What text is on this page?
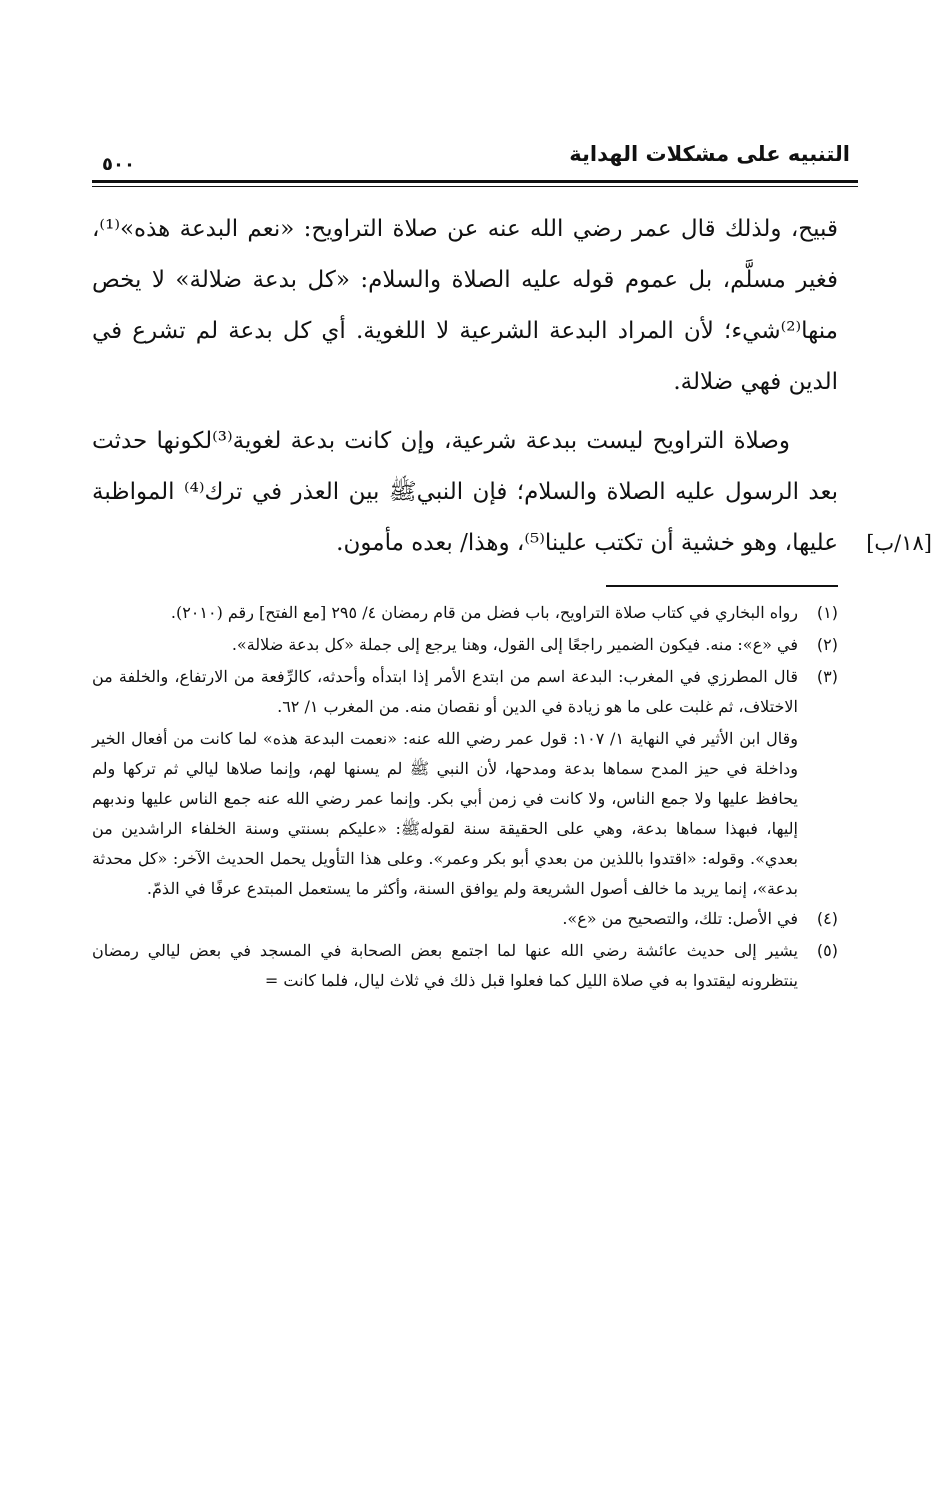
التنبيه على مشكلات الهداية
٥٠٠

قبيح، ولذلك قال عمر رضي الله عنه عن صلاة التراويح: «نعم البدعة هذه»⁽¹⁾، فغير مسلَّم، بل عموم قوله عليه الصلاة والسلام: «كل بدعة ضلالة» لا يخص منها⁽²⁾شيء؛ لأن المراد البدعة الشرعية لا اللغوية. أي كل بدعة لم تشرع في الدين فهي ضلالة.

وصلاة التراويح ليست ببدعة شرعية، وإن كانت بدعة لغوية⁽³⁾لكونها حدثت بعد الرسول عليه الصلاة والسلام؛ فإن النبيﷺ بين العذر في ترك⁽⁴⁾ المواظبة عليها، وهو خشية أن تكتب علينا⁽⁵⁾، وهذا/ بعده مأمون.	[١٨/ب]
(١)
رواه البخاري في كتاب صلاة التراويح، باب فضل من قام رمضان ٤/ ٢٩٥ [مع الفتح] رقم (٢٠١٠).
(٢)
في «ع»: منه. فيكون الضمير راجعًا إلى القول، وهنا يرجع إلى جملة «كل بدعة ضلالة».
(٣)
قال المطرزي في المغرب: البدعة اسم من ابتدع الأمر إذا ابتدأه وأحدثه، كالرِّفعة من الارتفاع، والخلفة من الاختلاف، ثم غلبت على ما هو زيادة في الدين أو نقصان منه. من المغرب ١/ ٦٢.

وقال ابن الأثير في النهاية ١/ ١٠٧: قول عمر رضي الله عنه: «نعمت البدعة هذه» لما كانت من أفعال الخير وداخلة في حيز المدح سماها بدعة ومدحها، لأن النبي ﷺ لم يسنها لهم، وإنما صلاها ليالي ثم تركها ولم يحافظ عليها ولا جمع الناس، ولا كانت في زمن أبي بكر. وإنما عمر رضي الله عنه جمع الناس عليها وندبهم إليها، فبهذا سماها بدعة، وهي على الحقيقة سنة لقولهﷺ: «عليكم بسنتي وسنة الخلفاء الراشدين من بعدي». وقوله: «اقتدوا باللذين من بعدي أبو بكر وعمر». وعلى هذا التأويل يحمل الحديث الآخر: «كل محدثة بدعة»، إنما يريد ما خالف أصول الشريعة ولم يوافق السنة، وأكثر ما يستعمل المبتدع عرفًا في الذمّ.

(٤)
في الأصل: تلك، والتصحيح من «ع».
(٥)
يشير إلى حديث عائشة رضي الله عنها لما اجتمع بعض الصحابة في المسجد في بعض ليالي رمضان ينتظرونه ليقتدوا به في صلاة الليل كما فعلوا قبل ذلك في ثلاث ليال، فلما كانت =
